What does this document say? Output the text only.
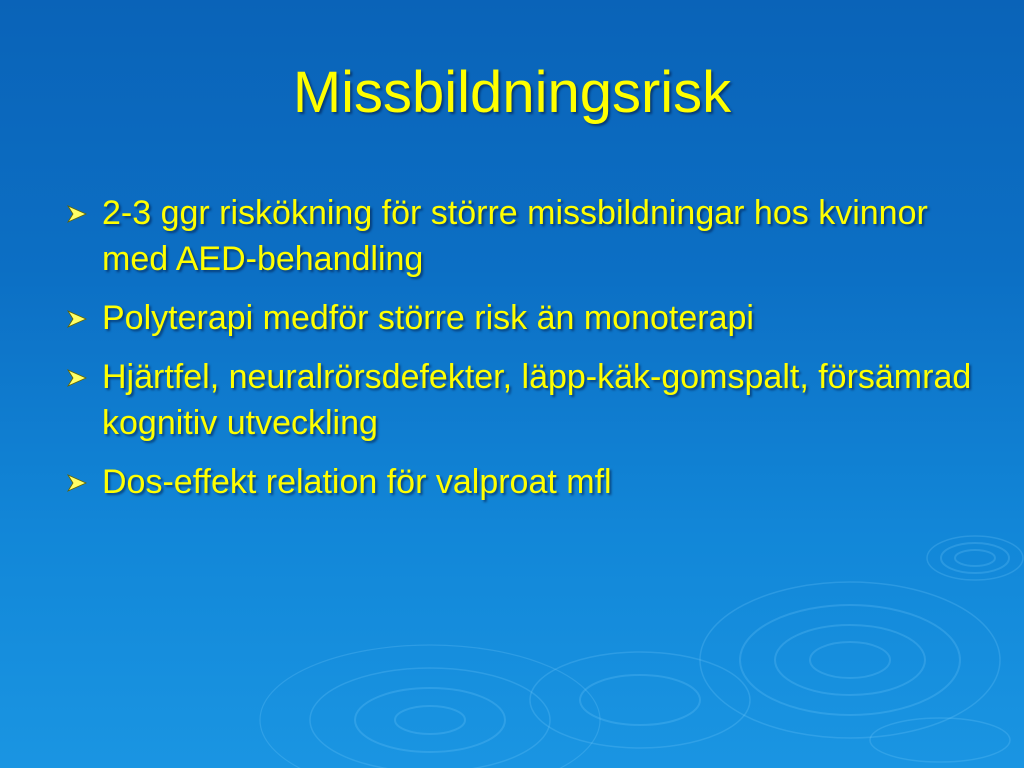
Missbildningsrisk
2-3 ggr riskökning för större missbildningar hos kvinnor med AED-behandling
Polyterapi medför större risk än monoterapi
Hjärtfel, neuralrörsdefekter, läpp-käk-gomspalt, försämrad kognitiv utveckling
Dos-effekt relation för valproat mfl
